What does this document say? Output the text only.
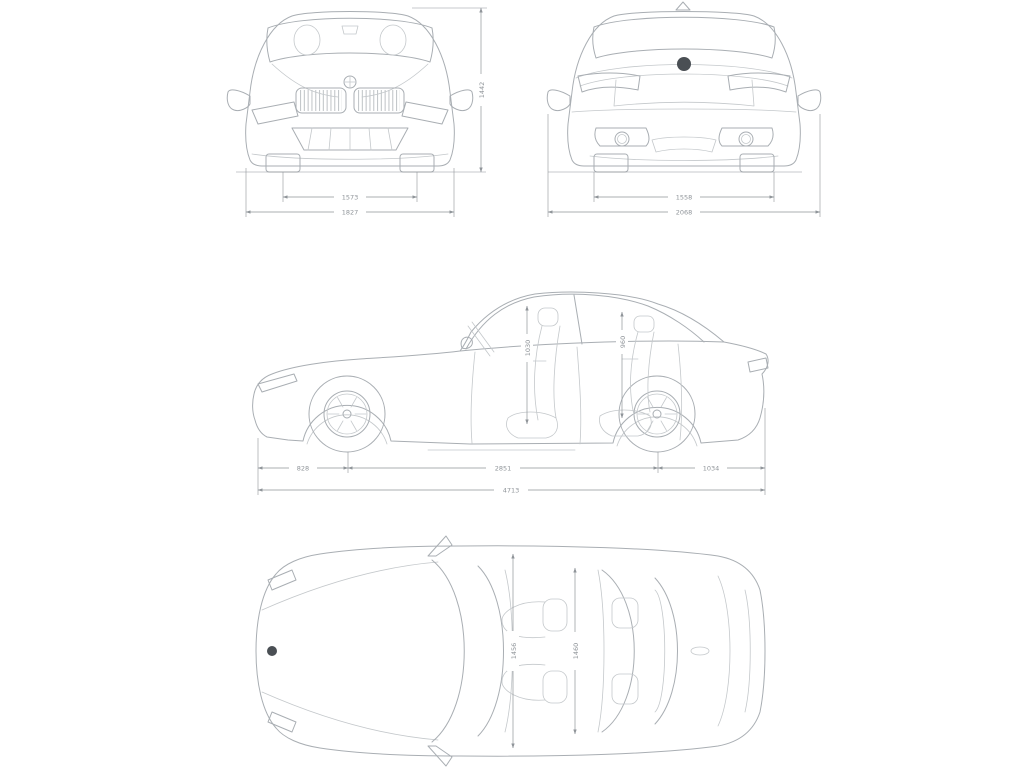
1573
1827
1442
1558
2068
1030	960
828	2851	1034
4713
1456	1460
